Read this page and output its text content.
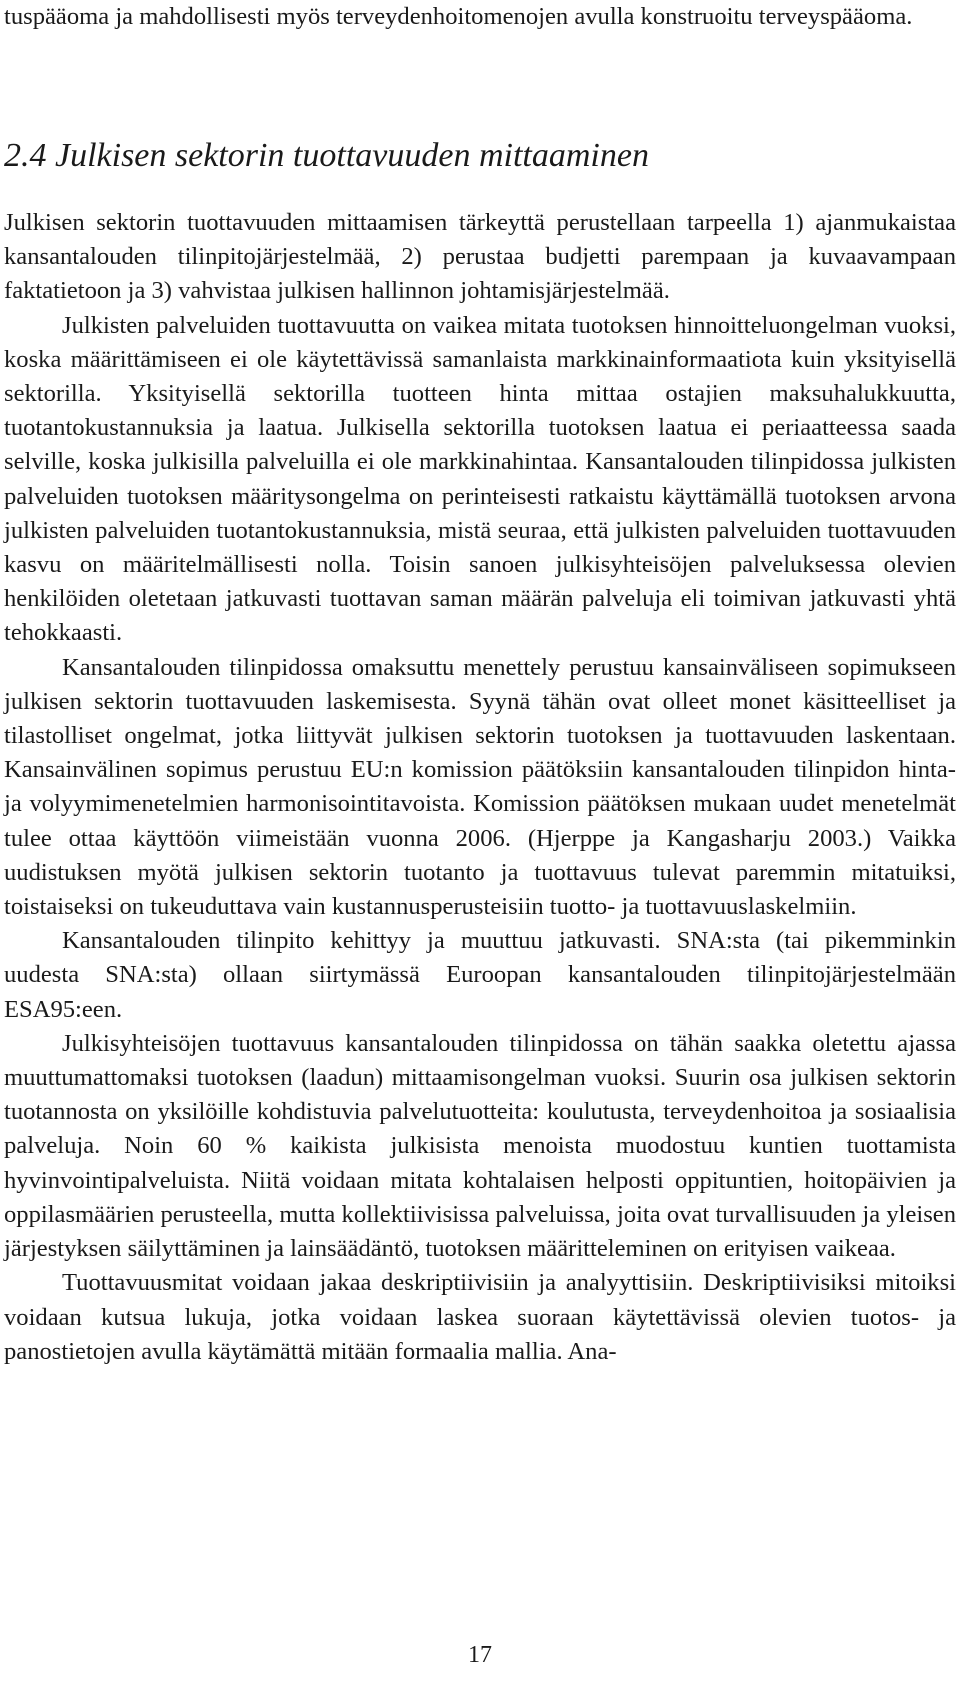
tuspääoma ja mahdollisesti myös terveydenhoitomenojen avulla konstruoitu terveyspääoma.

2.4 Julkisen sektorin tuottavuuden mittaaminen

Julkisen sektorin tuottavuuden mittaamisen tärkeyttä perustellaan tarpeella 1) ajanmukaistaa kansantalouden tilinpitojärjestelmää, 2) perustaa budjetti parempaan ja kuvaavampaan faktatietoon ja 3) vahvistaa julkisen hallinnon johtamisjärjestelmää.

Julkisten palveluiden tuottavuutta on vaikea mitata tuotoksen hinnoitteluongelman vuoksi, koska määrittämiseen ei ole käytettävissä samanlaista markkinainformaatiota kuin yksityisellä sektorilla. Yksityisellä sektorilla tuotteen hinta mittaa ostajien maksuhalukkuutta, tuotantokustannuksia ja laatua. Julkisella sektorilla tuotoksen laatua ei periaatteessa saada selville, koska julkisilla palveluilla ei ole markkinahintaa. Kansantalouden tilinpidossa julkisten palveluiden tuotoksen määritysongelma on perinteisesti ratkaistu käyttämällä tuotoksen arvona julkisten palveluiden tuotantokustannuksia, mistä seuraa, että julkisten palveluiden tuottavuuden kasvu on määritelmällisesti nolla. Toisin sanoen julkisyhteisöjen palveluksessa olevien henkilöiden oletetaan jatkuvasti tuottavan saman määrän palveluja eli toimivan jatkuvasti yhtä tehokkaasti.

Kansantalouden tilinpidossa omaksuttu menettely perustuu kansainväliseen sopimukseen julkisen sektorin tuottavuuden laskemisesta. Syynä tähän ovat olleet monet käsitteelliset ja tilastolliset ongelmat, jotka liittyvät julkisen sektorin tuotoksen ja tuottavuuden laskentaan. Kansainvälinen sopimus perustuu EU:n komission päätöksiin kansantalouden tilinpidon hinta- ja volyymimenetelmien harmonisointitavoista. Komission päätöksen mukaan uudet menetelmät tulee ottaa käyttöön viimeistään vuonna 2006. (Hjerppe ja Kangasharju 2003.) Vaikka uudistuksen myötä julkisen sektorin tuotanto ja tuottavuus tulevat paremmin mitatuiksi, toistaiseksi on tukeuduttava vain kustannusperusteisiin tuotto- ja tuottavuuslaskelmiin.

Kansantalouden tilinpito kehittyy ja muuttuu jatkuvasti. SNA:sta (tai pikemminkin uudesta SNA:sta) ollaan siirtymässä Euroopan kansantalouden tilinpitojärjestelmään ESA95:een.

Julkisyhteisöjen tuottavuus kansantalouden tilinpidossa on tähän saakka oletettu ajassa muuttumattomaksi tuotoksen (laadun) mittaamisongelman vuoksi. Suurin osa julkisen sektorin tuotannosta on yksilöille kohdistuvia palvelutuotteita: koulutusta, terveydenhoitoa ja sosiaalisia palveluja. Noin 60 % kaikista julkisista menoista muodostuu kuntien tuottamista hyvinvointipalveluista. Niitä voidaan mitata kohtalaisen helposti oppituntien, hoitopäivien ja oppilasmäärien perusteella, mutta kollektiivisissa palveluissa, joita ovat turvallisuuden ja yleisen järjestyksen säilyttäminen ja lainsäädäntö, tuotoksen määritteleminen on erityisen vaikeaa.

Tuottavuusmitat voidaan jakaa deskriptiivisiin ja analyyttisiin. Deskriptiivisiksi mitoiksi voidaan kutsua lukuja, jotka voidaan laskea suoraan käytettävissä olevien tuotos- ja panostietojen avulla käytämättä mitään formaalia mallia. Ana-

17
